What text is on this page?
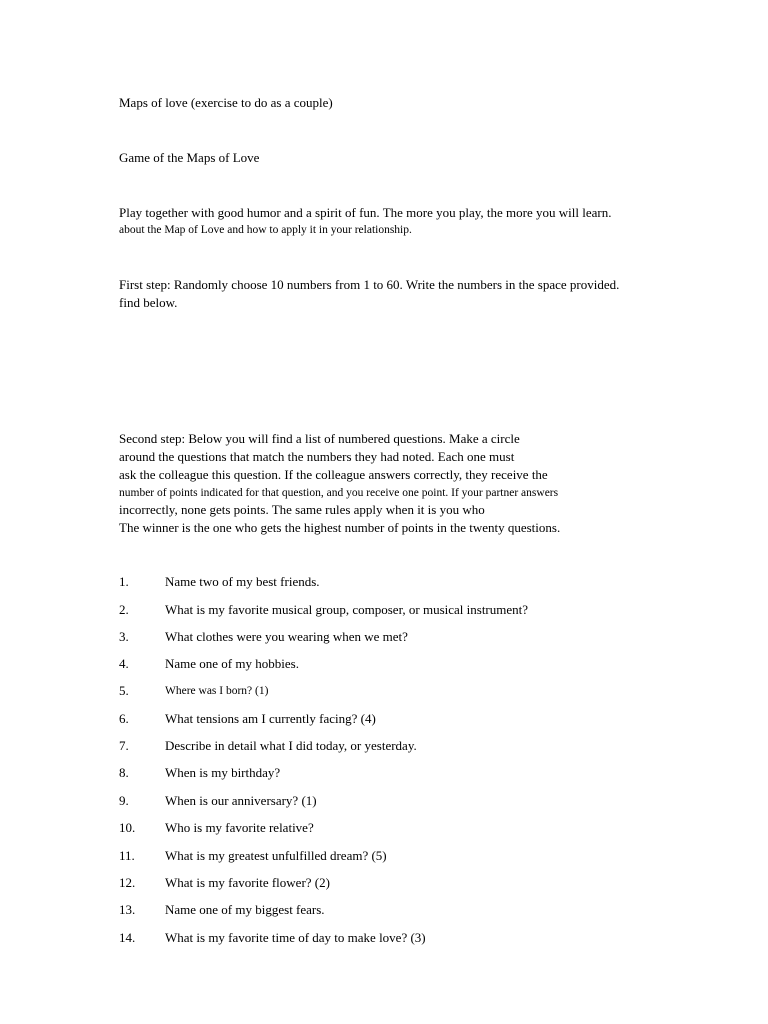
Maps of love (exercise to do as a couple)
Game of the Maps of Love
Play together with good humor and a spirit of fun. The more you play, the more you will learn.
about the Map of Love and how to apply it in your relationship.
First step: Randomly choose 10 numbers from 1 to 60. Write the numbers in the space provided.
find below.
Second step: Below you will find a list of numbered questions. Make a circle
around the questions that match the numbers they had noted. Each one must
ask the colleague this question. If the colleague answers correctly, they receive the
number of points indicated for that question, and you receive one point. If your partner answers
incorrectly, none gets points. The same rules apply when it is you who
The winner is the one who gets the highest number of points in the twenty questions.
1.	Name two of my best friends.
2.	What is my favorite musical group, composer, or musical instrument?
3.	What clothes were you wearing when we met?
4.	Name one of my hobbies.
5.	Where was I born? (1)
6.	What tensions am I currently facing? (4)
7.	Describe in detail what I did today, or yesterday.
8.	When is my birthday?
9.	When is our anniversary? (1)
10. Who is my favorite relative?
11. What is my greatest unfulfilled dream? (5)
12. What is my favorite flower? (2)
13. Name one of my biggest fears.
14. What is my favorite time of day to make love? (3)
